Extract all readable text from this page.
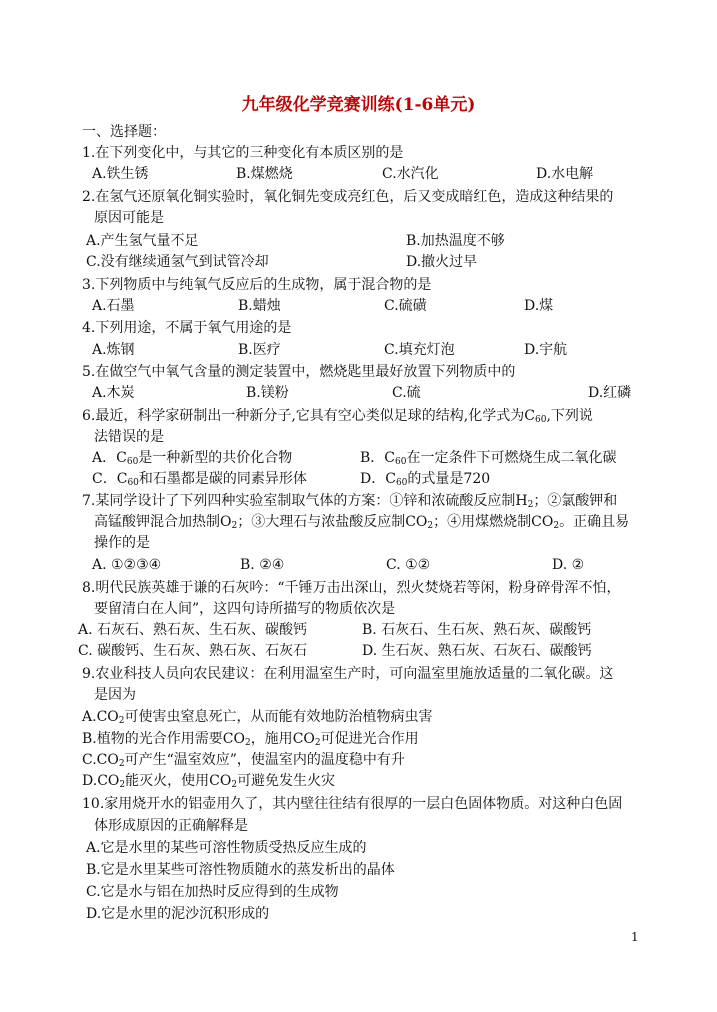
九年级化学竞赛训练(1-6单元)
一、选择题：
1.在下列变化中，与其它的三种变化有本质区别的是
A.铁生锈	B.煤燃烧	C.水汽化	D.水电解
2.在氢气还原氧化铜实验时，氧化铜先变成亮红色，后又变成暗红色，造成这种结果的
原因可能是
A.产生氢气量不足	B.加热温度不够
C.没有继续通氢气到试管冷却	D.撤火过早
3.下列物质中与纯氧气反应后的生成物，属于混合物的是
A.石墨	B.蜡烛	C.硫磺	D.煤
4.下列用途，不属于氧气用途的是
A.炼钢	B.医疗	C.填充灯泡	D.宇航
5.在做空气中氧气含量的测定装置中，燃烧匙里最好放置下列物质中的
A.木炭	B.镁粉	C.硫	D.红磷
6.最近，科学家研制出一种新分子,它具有空心类似足球的结构,化学式为$C_{60}$,下列说
法错误的是
A．$C_{60}$是一种新型的共价化合物	B．$C_{60}$在一定条件下可燃烧生成二氧化碳
C．$C_{60}$和石墨都是碳的同素异形体	D．$C_{60}$的式量是720
7.某同学设计了下列四种实验室制取气体的方案：①锌和浓硫酸反应制$H_2$；②氯酸钾和
高锰酸钾混合加热制$O_2$；③大理石与浓盐酸反应制$CO_2$；④用煤燃烧制$CO_2$。正确且易
操作的是
A. ①②③④	B. ②④	C. ①②	D. ②
8.明代民族英雄于谦的石灰吟：“千锤万击出深山，烈火焚烧若等闲，粉身碎骨浑不怕，
要留清白在人间”，这四句诗所描写的物质依次是
A. 石灰石、熟石灰、生石灰、碳酸钙	B. 石灰石、生石灰、熟石灰、碳酸钙
C. 碳酸钙、生石灰、熟石灰、石灰石	D. 生石灰、熟石灰、石灰石、碳酸钙
9.农业科技人员向农民建议：在利用温室生产时，可向温室里施放适量的二氧化碳。这
是因为
$A.CO_2$可使害虫窒息死亡，从而能有效地防治植物病虫害
B.植物的光合作用需要$CO_2$，施用$CO_2$可促进光合作用
$C.CO_2$可产生“温室效应”，使温室内的温度稳中有升
$D.CO_2$能灭火，使用$CO_2$可避免发生火灾
10.家用烧开水的铝壶用久了，其内壁往往结有很厚的一层白色固体物质。对这种白色固
体形成原因的正确解释是
A.它是水里的某些可溶性物质受热反应生成的
B.它是水里某些可溶性物质随水的蒸发析出的晶体
C.它是水与铝在加热时反应得到的生成物
D.它是水里的泥沙沉积形成的
1
